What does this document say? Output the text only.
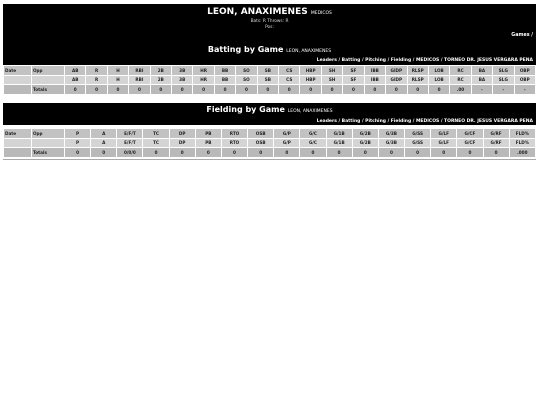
LEON, ANAXIMENES MEDICOS
Bats: R Throws: R
Pos:
Games /
Batting by Game LEON, ANAXIMENES
Leaders / Batting / Pitching / Fielding / MEDICOS / TORNEO DR. JESUS VERGARA PENA
Date	Opp	AB	R	H	RBI	2B	3B	HR	BB	SO	SB	CS	HBP	SH	SF	IBB	GIDP	RLSP	LOB	RC	BA	SLG	OBP
		AB	R	H	RBI	2B	3B	HR	BB	SO	SB	CS	HBP	SH	SF	IBB	GIDP	RLSP	LOB	RC	BA	SLG	OBP
	Totals	0	0	0	0	0	0	0	0	0	0	0	0	0	0	0	0	0	0	.00	-	-	-
Fielding by Game LEON, ANAXIMENES
Leaders / Batting / Pitching / Fielding / MEDICOS / TORNEO DR. JESUS VERGARA PENA
Date	Opp	P	A	E/F/T	TC	DP	PB	RTO	OSB	G/P	G/C	G/1B	G/2B	G/3B	G/SS	G/LF	G/CF	G/RF	FLD%
		P	A	E/F/T	TC	DP	PB	RTO	OSB	G/P	G/C	G/1B	G/2B	G/3B	G/SS	G/LF	G/CF	G/RF	FLD%
	Totals	0	0	0/0/0	0	0	0	0	0	0	0	0	0	0	0	0	0	0	.000
